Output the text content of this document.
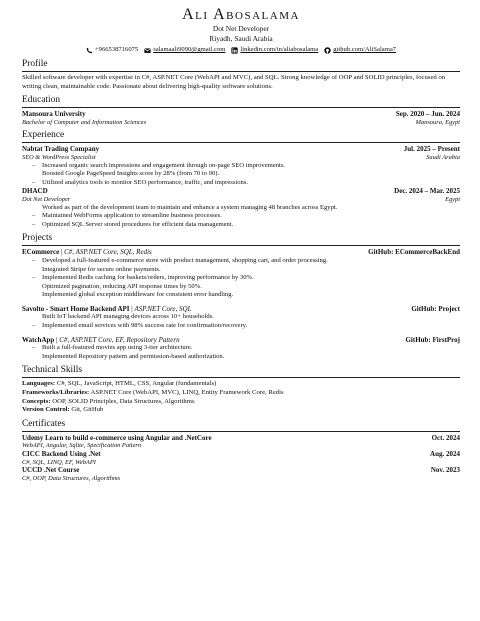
Ali Abosalama
Dot Net Developer
Riyadh, Saudi Arabia
+966538716075 salamaali9090@gmail.com linkedin.com/in/aliabosalama github.com/AliSalama7
Profile

Skilled software developer with expertise in C#, ASP.NET Core (WebAPI and MVC), and SQL. Strong knowledge of OOP and SOLID principles, focused on writing clean, maintainable code. Passionate about delivering high-quality software solutions.

Education
Mansoura University	Sep. 2020 – Jun. 2024
Bachelor of Computer and Information Sciences	Mansoura, Egypt
Experience
Nabtat Trading Company	Jul. 2025 – Present
SEO & WordPress Specialist	Saudi Arabia
– Increased organic search impressions and engagement through on-page SEO improvements.
Boosted Google PageSpeed Insights score by 28% (from 70 to 90).
– Utilized analytics tools to monitor SEO performance, traffic, and impressions.
DHACD	Dec. 2024 – Mar. 2025
Dot Net Developer	Egypt
Worked as part of the development team to maintain and enhance a system managing 48 branches across Egypt.
– Maintained WebForms application to streamline business processes.
– Optimized SQL Server stored procedures for efficient data management.
Projects
ECommerce | C#, ASP.NET Core, SQL, Redis	GitHub: ECommerceBackEnd
– Developed a full-featured e-commerce store with product management, shopping cart, and order processing.
Integrated Stripe for secure online payments.
– Implemented Redis caching for baskets/orders, improving performance by 30%.
Optimized pagination, reducing API response times by 50%.
Implemented global exception middleware for consistent error handling.
Savolto - Smart Home Backend API | ASP.NET Core, SQL	GitHub: Project
Built IoT backend API managing devices across 10+ households.
– Implemented email services with 98% success rate for confirmation/recovery.
WatchApp | C#, ASP.NET Core, EF, Repository Pattern	GitHub: FirstProj
– Built a full-featured movies app using 3-tier architecture.
Implemented Repository pattern and permission-based authorization.
Technical Skills
Languages: C#, SQL, JavaScript, HTML, CSS, Angular (fundamentals)
Frameworks/Libraries: ASP.NET Core (WebAPI, MVC), LINQ, Entity Framework Core, Redis
Concepts: OOP, SOLID Principles, Data Structures, Algorithms
Version Control: Git, GitHub
Certificates
Udemy Learn to build e-commerce using Angular and .NetCore	Oct. 2024
WebAPI, Angular, Sqlite, Specification Pattern
CICC Backend Using .Net	Aug. 2024
C#, SQL, LINQ, EF, WebAPI
UCCD .Net Course	Nov. 2023
C#, OOP, Data Structures, Algorithms
